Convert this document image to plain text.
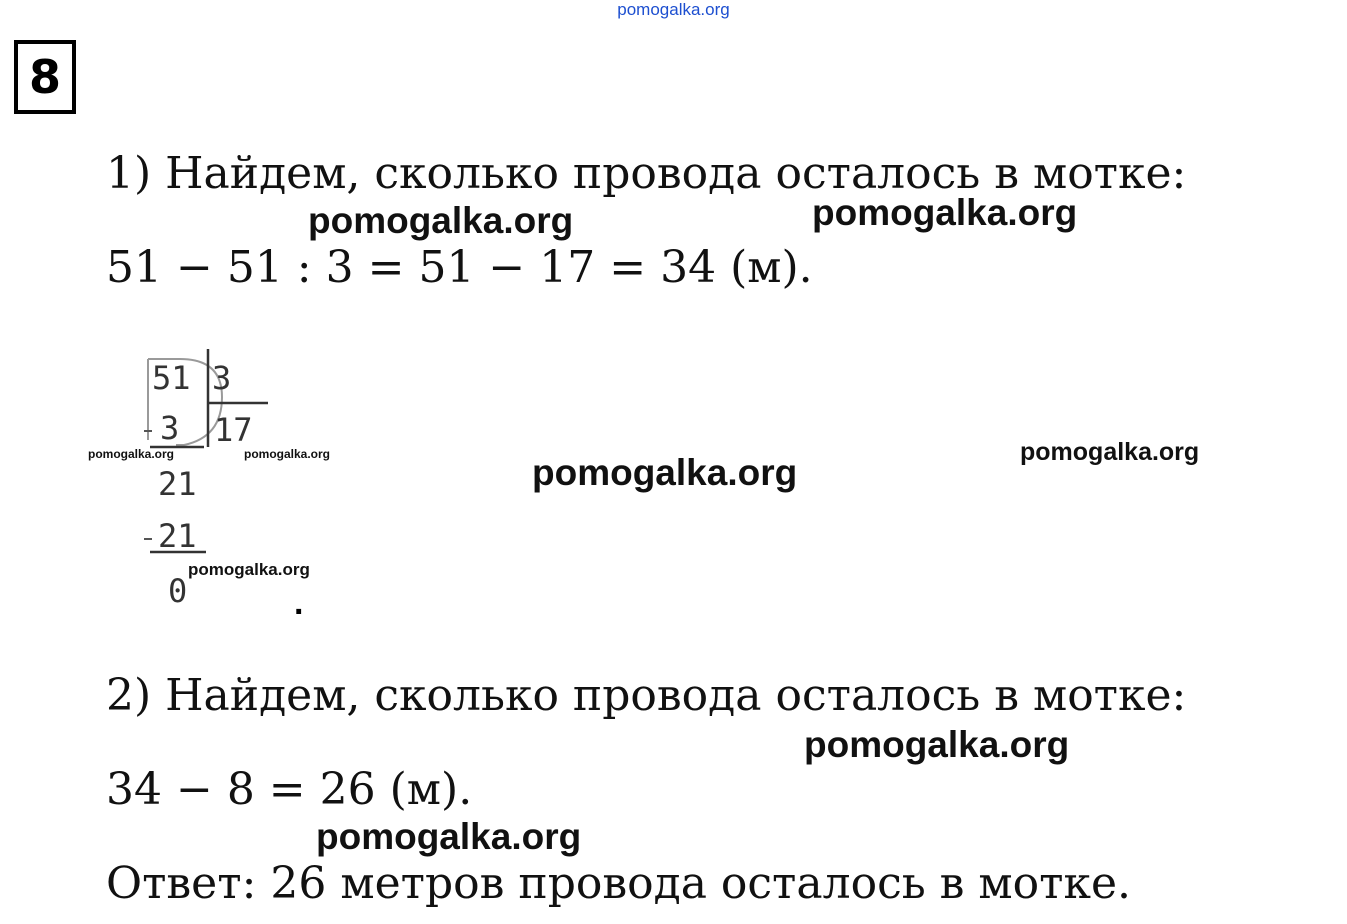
pomogalka.org
8
1) Найдем, сколько провода осталось в мотке:
pomogalka.org	pomogalka.org
51 − 51 : 3 = 51 − 17 = 34 (м).
51 3
17
3
21
21
0	.
pomogalka.org	pomogalka.org
pomogalka.org
pomogalka.org	pomogalka.org
2) Найдем, сколько провода осталось в мотке:
pomogalka.org
34 − 8 = 26 (м).
pomogalka.org
Ответ: 26 метров провода осталось в мотке.
